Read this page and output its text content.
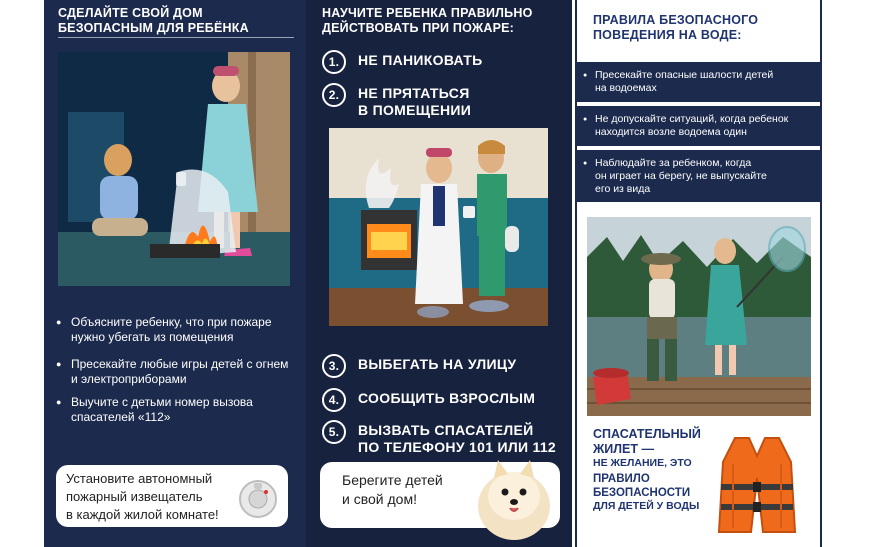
СДЕЛАЙТЕ СВОЙ ДОМ
БЕЗОПАСНЫМ ДЛЯ РЕБЁНКА
● Объясните ребенку, что при пожаре нужно убегать из помещения
● Пресекайте любые игры детей с огнем и электроприборами
● Выучите с детьми номер вызова спасателей «112»
Установите автономный
пожарный извещатель
в каждой жилой комнате!
НАУЧИТЕ РЕБЕНКА ПРАВИЛЬНО
ДЕЙСТВОВАТЬ ПРИ ПОЖАРЕ:
1.	НЕ ПАНИКОВАТЬ
2.	НЕ ПРЯТАТЬСЯ
В ПОМЕЩЕНИИ
3.	ВЫБЕГАТЬ НА УЛИЦУ
4.	СООБЩИТЬ ВЗРОСЛЫМ
5.	ВЫЗВАТЬ СПАСАТЕЛЕЙ
ПО ТЕЛЕФОНУ 101 ИЛИ 112
Берегите детей
и свой дом!
ПРАВИЛА БЕЗОПАСНОГО
ПОВЕДЕНИЯ НА ВОДЕ:
● Пресекайте опасные шалости детей
на водоемах
● Не допускайте ситуаций, когда ребенок
находится возле водоема один
● Наблюдайте за ребенком, когда
он играет на берегу, не выпускайте
его из вида
СПАСАТЕЛЬНЫЙ ЖИЛЕТ —
НЕ ЖЕЛАНИЕ, ЭТО
ПРАВИЛО
БЕЗОПАСНОСТИ
ДЛЯ ДЕТЕЙ У ВОДЫ
